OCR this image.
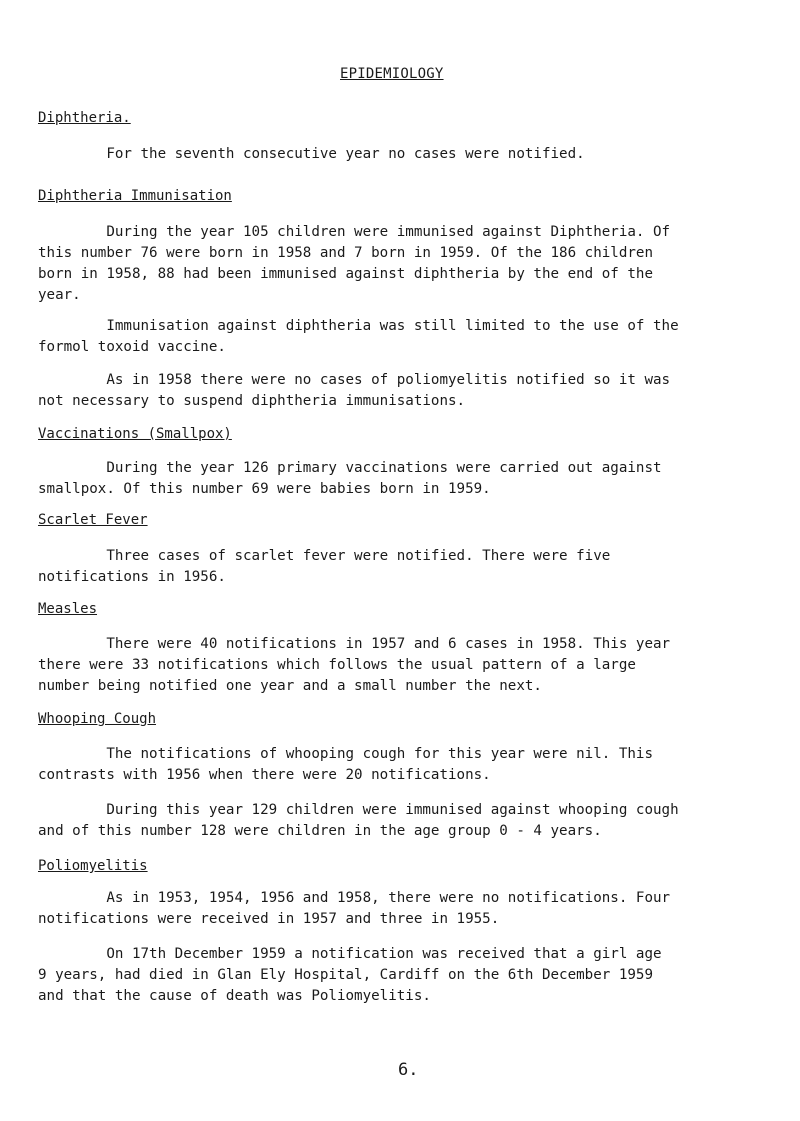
EPIDEMIOLOGY
Diphtheria.

For the seventh consecutive year no cases were notified.

Diphtheria Immunisation

During the year 105 children were immunised against Diphtheria. Of
this number 76 were born in 1958 and 7 born in 1959. Of the 186 children
born in 1958, 88 had been immunised against diphtheria by the end of the
year.

Immunisation against diphtheria was still limited to the use of the
formol toxoid vaccine.

As in 1958 there were no cases of poliomyelitis notified so it was
not necessary to suspend diphtheria immunisations.

Vaccinations (Smallpox)

During the year 126 primary vaccinations were carried out against
smallpox. Of this number 69 were babies born in 1959.

Scarlet Fever

Three cases of scarlet fever were notified. There were five
notifications in 1956.

Measles

There were 40 notifications in 1957 and 6 cases in 1958. This year
there were 33 notifications which follows the usual pattern of a large
number being notified one year and a small number the next.

Whooping Cough

The notifications of whooping cough for this year were nil. This
contrasts with 1956 when there were 20 notifications.

During this year 129 children were immunised against whooping cough
and of this number 128 were children in the age group 0 - 4 years.

Poliomyelitis

As in 1953, 1954, 1956 and 1958, there were no notifications. Four
notifications were received in 1957 and three in 1955.

On 17th December 1959 a notification was received that a girl age
9 years, had died in Glan Ely Hospital, Cardiff on the 6th December 1959
and that the cause of death was Poliomyelitis.

6.
